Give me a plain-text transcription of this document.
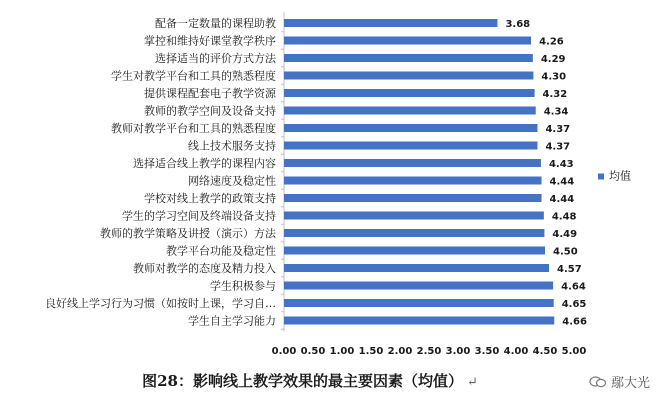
配备一定数量的课程助教	3.68
掌控和维持好课堂教学秩序	4.26
选择适当的评价方式方法	4.29
学生对教学平台和工具的熟悉程度	4.30
提供课程配套电子教学资源	4.32
教师的教学空间及设备支持	4.34
教师对教学平台和工具的熟悉程度	4.37
线上技术服务支持	4.37
选择适合线上教学的课程内容	4.43
网络速度及稳定性	4.44
学校对线上教学的政策支持	4.44
学生的学习空间及终端设备支持	4.48
教师的教学策略及讲授（演示）方法	4.49
教学平台功能及稳定性	4.50
教师对教学的态度及精力投入	4.57
学生积极参与	4.64
良好线上学习行为习惯（如按时上课，学习自…	4.65
学生自主学习能力	4.66
0.00 0.50 1.00 1.50 2.00 2.50 3.00 3.50 4.00 4.50 5.00
均值
图28：影响线上教学效果的最主要因素（均值） ↵	鄢大光
